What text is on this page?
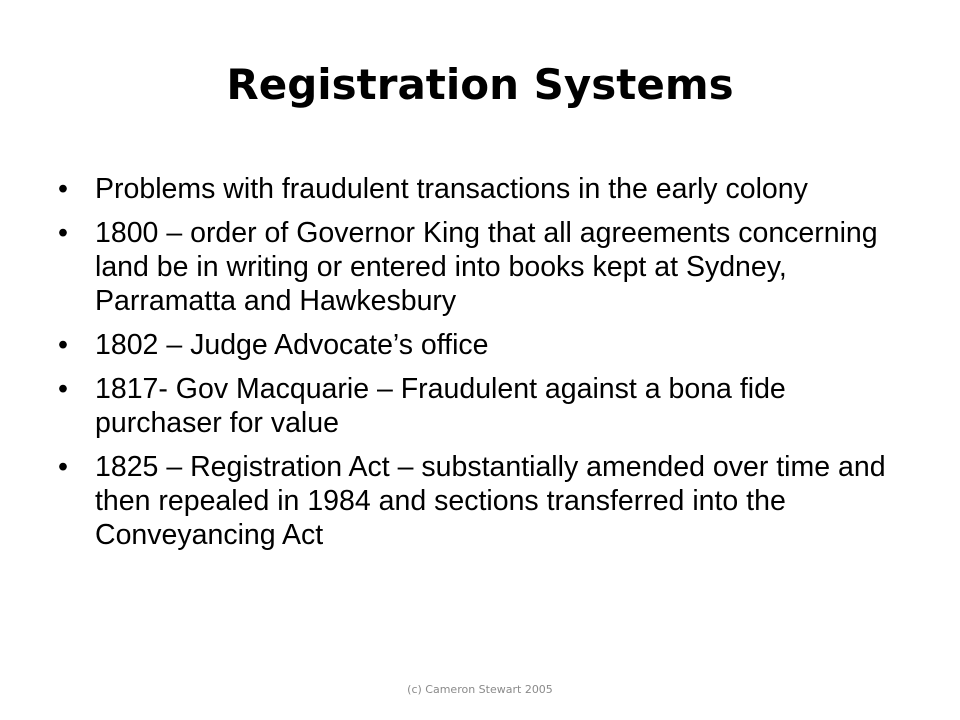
Registration Systems
• Problems with fraudulent transactions in the early colony
• 1800 – order of Governor King that all agreements concerning land be in writing or entered into books kept at Sydney, Parramatta and Hawkesbury
• 1802 – Judge Advocate’s office
• 1817- Gov Macquarie – Fraudulent against a bona fide purchaser for value
• 1825 – Registration Act – substantially amended over time and then repealed in 1984 and sections transferred into the Conveyancing Act
(c) Cameron Stewart 2005
